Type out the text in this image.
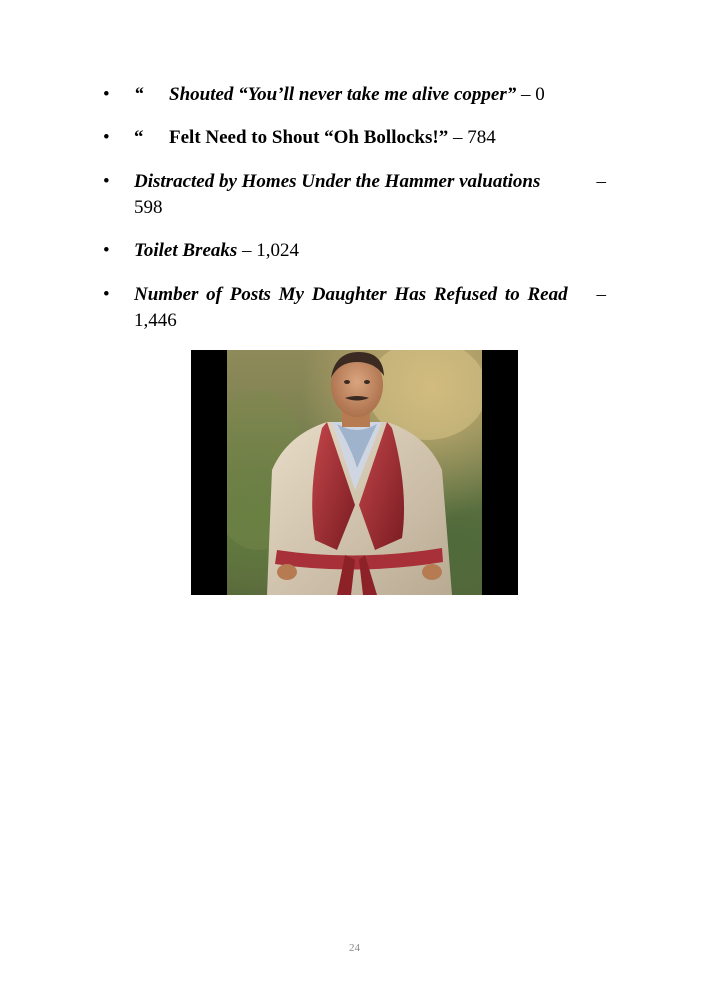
• “ Shouted “You’ll never take me alive copper” – 0
• “ Felt Need to Shout “Oh Bollocks!” – 784
• Distracted by Homes Under the Hammer valuations	–
598
• Toilet Breaks – 1,024
• Number of Posts My Daughter Has Refused to Read –
1,446
24
